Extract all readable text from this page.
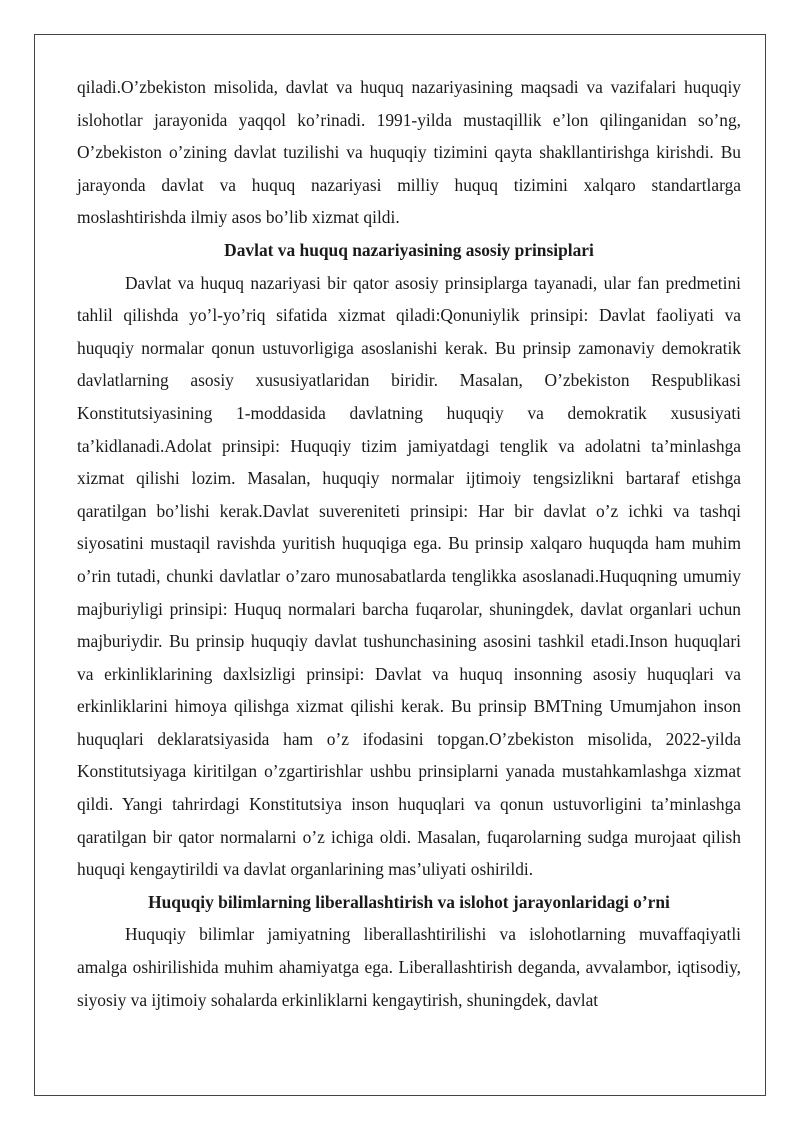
qiladi.O’zbekiston misolida, davlat va huquq nazariyasining maqsadi va vazifalari huquqiy islohotlar jarayonida yaqqol ko’rinadi. 1991-yilda mustaqillik e’lon qilinganidan so’ng, O’zbekiston o’zining davlat tuzilishi va huquqiy tizimini qayta shakllantirishga kirishdi. Bu jarayonda davlat va huquq nazariyasi milliy huquq tizimini xalqaro standartlarga moslashtirishda ilmiy asos bo’lib xizmat qildi.

Davlat va huquq nazariyasining asosiy prinsiplari

Davlat va huquq nazariyasi bir qator asosiy prinsiplarga tayanadi, ular fan predmetini tahlil qilishda yo’l-yo’riq sifatida xizmat qiladi:Qonuniylik prinsipi: Davlat faoliyati va huquqiy normalar qonun ustuvorligiga asoslanishi kerak. Bu prinsip zamonaviy demokratik davlatlarning asosiy xususiyatlaridan biridir. Masalan, O’zbekiston Respublikasi Konstitutsiyasining 1-moddasida davlatning huquqiy va demokratik xususiyati ta’kidlanadi.Adolat prinsipi: Huquqiy tizim jamiyatdagi tenglik va adolatni ta’minlashga xizmat qilishi lozim. Masalan, huquqiy normalar ijtimoiy tengsizlikni bartaraf etishga qaratilgan bo’lishi kerak.Davlat suvereniteti prinsipi: Har bir davlat o’z ichki va tashqi siyosatini mustaqil ravishda yuritish huquqiga ega. Bu prinsip xalqaro huquqda ham muhim o’rin tutadi, chunki davlatlar o’zaro munosabatlarda tenglikka asoslanadi.Huquqning umumiy majburiyligi prinsipi: Huquq normalari barcha fuqarolar, shuningdek, davlat organlari uchun majburiydir. Bu prinsip huquqiy davlat tushunchasining asosini tashkil etadi.Inson huquqlari va erkinliklarining daxlsizligi prinsipi: Davlat va huquq insonning asosiy huquqlari va erkinliklarini himoya qilishga xizmat qilishi kerak. Bu prinsip BMTning Umumjahon inson huquqlari deklaratsiyasida ham o’z ifodasini topgan.O’zbekiston misolida, 2022-yilda Konstitutsiyaga kiritilgan o’zgartirishlar ushbu prinsiplarni yanada mustahkamlashga xizmat qildi. Yangi tahrirdagi Konstitutsiya inson huquqlari va qonun ustuvorligini ta’minlashga qaratilgan bir qator normalarni o’z ichiga oldi. Masalan, fuqarolarning sudga murojaat qilish huquqi kengaytirildi va davlat organlarining mas’uliyati oshirildi.

Huquqiy bilimlarning liberallashtirish va islohot jarayonlaridagi o’rni

Huquqiy bilimlar jamiyatning liberallashtirilishi va islohotlarning muvaffaqiyatli amalga oshirilishida muhim ahamiyatga ega. Liberallashtirish deganda, avvalambor, iqtisodiy, siyosiy va ijtimoiy sohalarda erkinliklarni kengaytirish, shuningdek, davlat
